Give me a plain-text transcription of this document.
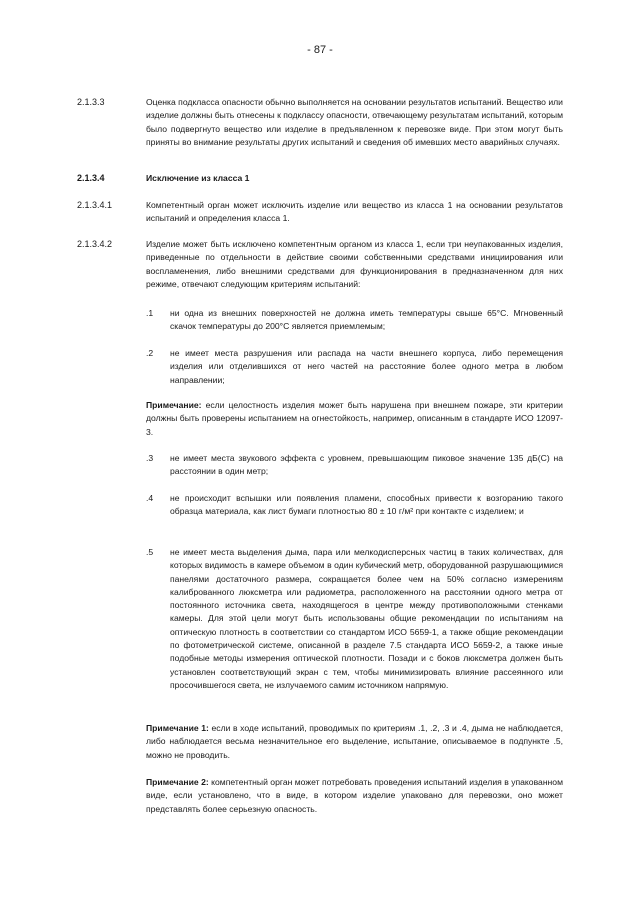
- 87 -
2.1.3.3	Оценка подкласса опасности обычно выполняется на основании результатов испытаний. Вещество или изделие должны быть отнесены к подклассу опасности, отвечающему результатам испытаний, которым было подвергнуто вещество или изделие в предъявленном к перевозке виде. При этом могут быть приняты во внимание результаты других испытаний и сведения об имевших место аварийных случаях.
2.1.3.4	Исключение из класса 1
2.1.3.4.1	Компетентный орган может исключить изделие или вещество из класса 1 на основании результатов испытаний и определения класса 1.
2.1.3.4.2	Изделие может быть исключено компетентным органом из класса 1, если три неупакованных изделия, приведенные по отдельности в действие своими собственными средствами инициирования или воспламенения, либо внешними средствами для функционирования в предназначенном для них режиме, отвечают следующим критериям испытаний:
.1 ни одна из внешних поверхностей не должна иметь температуры свыше 65°C. Мгновенный скачок температуры до 200°C является приемлемым;
.2 не имеет места разрушения или распада на части внешнего корпуса, либо перемещения изделия или отделившихся от него частей на расстояние более одного метра в любом направлении;
Примечание: если целостность изделия может быть нарушена при внешнем пожаре, эти критерии должны быть проверены испытанием на огнестойкость, например, описанным в стандарте ИСО 12097-3.
.3 не имеет места звукового эффекта с уровнем, превышающим пиковое значение 135 дБ(С) на расстоянии в один метр;
.4 не происходит вспышки или появления пламени, способных привести к возгоранию такого образца материала, как лист бумаги плотностью 80 ± 10 г/м² при контакте с изделием; и
.5 не имеет места выделения дыма, пара или мелкодисперсных частиц в таких количествах, для которых видимость в камере объемом в один кубический метр, оборудованной разрушающимися панелями достаточного размера, сокращается более чем на 50% согласно измерениям калиброванного люксметра или радиометра, расположенного на расстоянии одного метра от постоянного источника света, находящегося в центре между противоположными стенками камеры. Для этой цели могут быть использованы общие рекомендации по испытаниям на оптическую плотность в соответствии со стандартом ИСО 5659-1, а также общие рекомендации по фотометрической системе, описанной в разделе 7.5 стандарта ИСО 5659-2, а также иные подобные методы измерения оптической плотности. Позади и с боков люксметра должен быть установлен соответствующий экран с тем, чтобы минимизировать влияние рассеянного или просочившегося света, не излучаемого самим источником напрямую.
Примечание 1: если в ходе испытаний, проводимых по критериям .1, .2, .3 и .4, дыма не наблюдается, либо наблюдается весьма незначительное его выделение, испытание, описываемое в подпункте .5, можно не проводить.
Примечание 2: компетентный орган может потребовать проведения испытаний изделия в упакованном виде, если установлено, что в виде, в котором изделие упаковано для перевозки, оно может представлять более серьезную опасность.
